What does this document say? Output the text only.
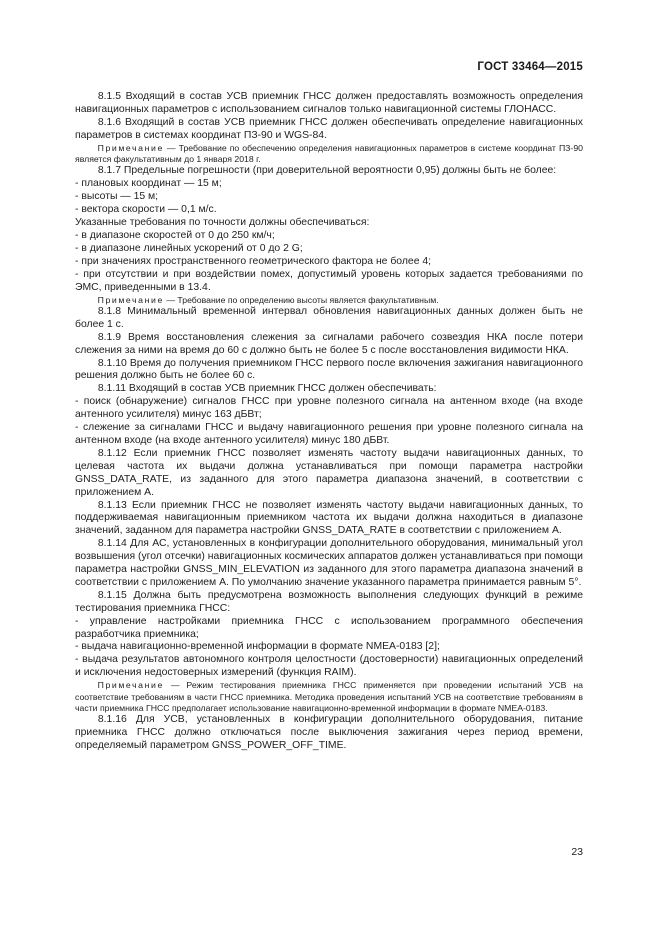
ГОСТ 33464—2015

8.1.5 Входящий в состав УСВ приемник ГНСС должен предоставлять возможность определения навигационных параметров с использованием сигналов только навигационной системы ГЛОНАСС.

8.1.6 Входящий в состав УСВ приемник ГНСС должен обеспечивать определение навигационных параметров в системах координат ПЗ-90 и WGS-84.

Примечание — Требование по обеспечению определения навигационных параметров в системе координат ПЗ-90 является факультативным до 1 января 2018 г.

8.1.7 Предельные погрешности (при доверительной вероятности 0,95) должны быть не более:

- плановых координат — 15 м;

- высоты — 15 м;

- вектора скорости — 0,1 м/с.

Указанные требования по точности должны обеспечиваться:

- в диапазоне скоростей от 0 до 250 км/ч;

- в диапазоне линейных ускорений от 0 до 2 G;

- при значениях пространственного геометрического фактора не более 4;

- при отсутствии и при воздействии помех, допустимый уровень которых задается требованиями по ЭМС, приведенными в 13.4.

Примечание — Требование по определению высоты является факультативным.

8.1.8 Минимальный временной интервал обновления навигационных данных должен быть не более 1 с.

8.1.9 Время восстановления слежения за сигналами рабочего созвездия НКА после потери слежения за ними на время до 60 с должно быть не более 5 с после восстановления видимости НКА.

8.1.10 Время до получения приемником ГНСС первого после включения зажигания навигационного решения должно быть не более 60 с.

8.1.11 Входящий в состав УСВ приемник ГНСС должен обеспечивать:

- поиск (обнаружение) сигналов ГНСС при уровне полезного сигнала на антенном входе (на входе антенного усилителя) минус 163 дБВт;

- слежение за сигналами ГНСС и выдачу навигационного решения при уровне полезного сигнала на антенном входе (на входе антенного усилителя) минус 180 дБВт.

8.1.12 Если приемник ГНСС позволяет изменять частоту выдачи навигационных данных, то целевая частота их выдачи должна устанавливаться при помощи параметра настройки GNSS_DATA_RATE, из заданного для этого параметра диапазона значений, в соответствии с приложением А.

8.1.13 Если приемник ГНСС не позволяет изменять частоту выдачи навигационных данных, то поддерживаемая навигационным приемником частота их выдачи должна находиться в диапазоне значений, заданном для параметра настройки GNSS_DATA_RATE в соответствии с приложением А.

8.1.14 Для АС, установленных в конфигурации дополнительного оборудования, минимальный угол возвышения (угол отсечки) навигационных космических аппаратов должен устанавливаться при помощи параметра настройки GNSS_MIN_ELEVATION из заданного для этого параметра диапазона значений в соответствии с приложением А. По умолчанию значение указанного параметра принимается равным 5°.

8.1.15 Должна быть предусмотрена возможность выполнения следующих функций в режиме тестирования приемника ГНСС:

- управление настройками приемника ГНСС с использованием программного обеспечения разработчика приемника;

- выдача навигационно-временной информации в формате NMEA-0183 [2];

- выдача результатов автономного контроля целостности (достоверности) навигационных определений и исключения недостоверных измерений (функция RAIM).

Примечание — Режим тестирования приемника ГНСС применяется при проведении испытаний УСВ на соответствие требованиям в части ГНСС приемника. Методика проведения испытаний УСВ на соответствие требованиям в части приемника ГНСС предполагает использование навигационно-временной информации в формате NMEA-0183.

8.1.16 Для УСВ, установленных в конфигурации дополнительного оборудования, питание приемника ГНСС должно отключаться после выключения зажигания через период времени, определяемый параметром GNSS_POWER_OFF_TIME.

23
